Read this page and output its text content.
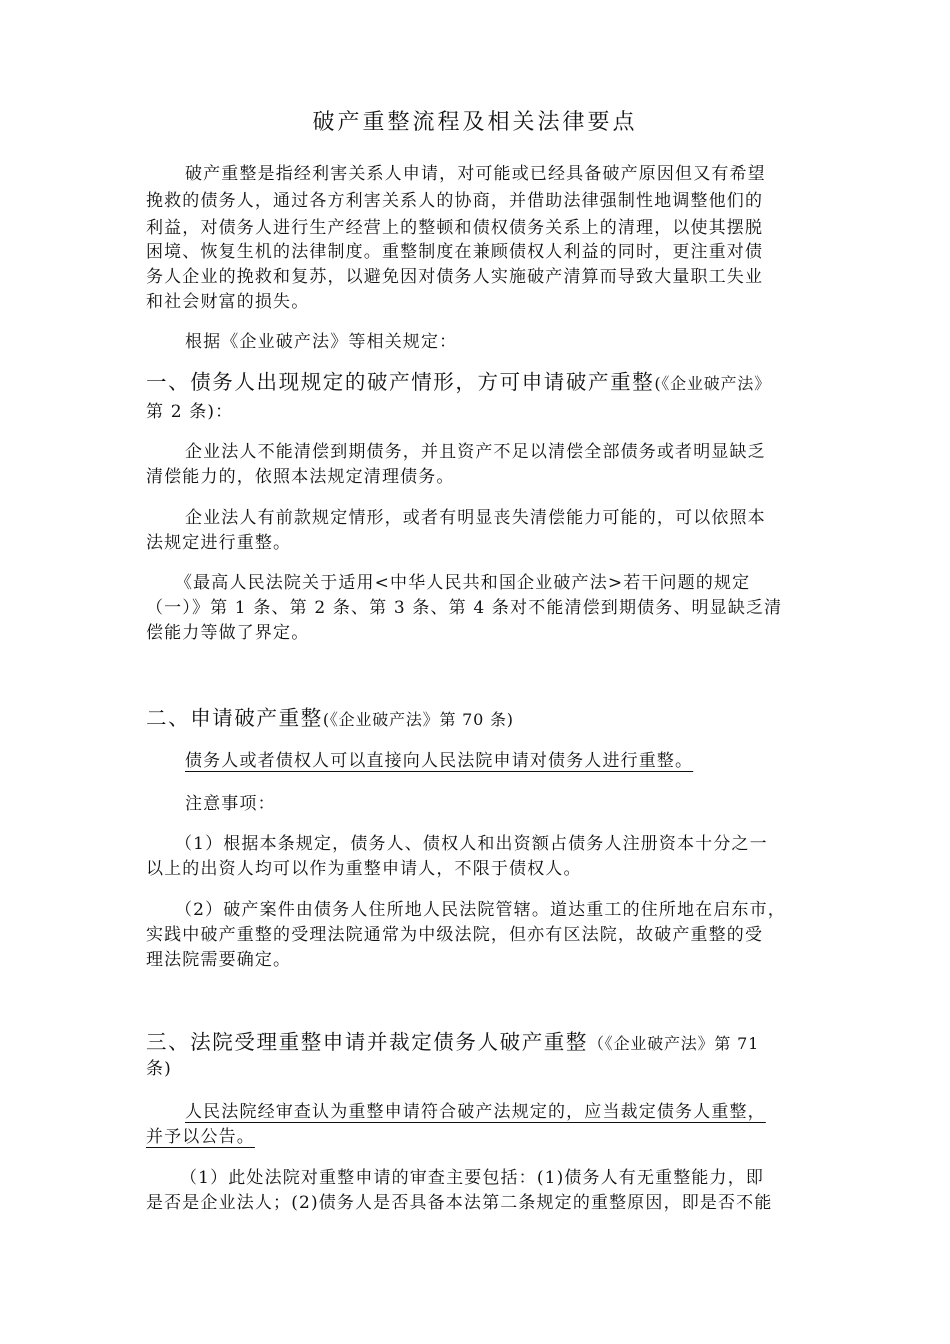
破产重整流程及相关法律要点
破产重整是指经利害关系人申请，对可能或已经具备破产原因但又有希望
挽救的债务人，通过各方利害关系人的协商，并借助法律强制性地调整他们的
利益，对债务人进行生产经营上的整顿和债权债务关系上的清理，以使其摆脱
困境、恢复生机的法律制度。重整制度在兼顾债权人利益的同时，更注重对债
务人企业的挽救和复苏，以避免因对债务人实施破产清算而导致大量职工失业
和社会财富的损失。
根据《企业破产法》等相关规定：
一、债务人出现规定的破产情形，方可申请破产重整(《企业破产法》
第 2 条)：
企业法人不能清偿到期债务，并且资产不足以清偿全部债务或者明显缺乏
清偿能力的，依照本法规定清理债务。
企业法人有前款规定情形，或者有明显丧失清偿能力可能的，可以依照本
法规定进行重整。
《最高人民法院关于适用<中华人民共和国企业破产法>若干问题的规定
（一）》第 1 条、第 2 条、第 3 条、第 4 条对不能清偿到期债务、明显缺乏清
偿能力等做了界定。
二、申请破产重整(《企业破产法》第 70 条)
债务人或者债权人可以直接向人民法院申请对债务人进行重整。
注意事项：
（1）根据本条规定，债务人、债权人和出资额占债务人注册资本十分之一
以上的出资人均可以作为重整申请人，不限于债权人。
（2）破产案件由债务人住所地人民法院管辖。道达重工的住所地在启东市，
实践中破产重整的受理法院通常为中级法院，但亦有区法院，故破产重整的受
理法院需要确定。
三、法院受理重整申请并裁定债务人破产重整（《企业破产法》第 71
条)
人民法院经审查认为重整申请符合破产法规定的，应当裁定债务人重整，
并予以公告。
（1）此处法院对重整申请的审查主要包括：(1)债务人有无重整能力，即
是否是企业法人；(2)债务人是否具备本法第二条规定的重整原因，即是否不能
